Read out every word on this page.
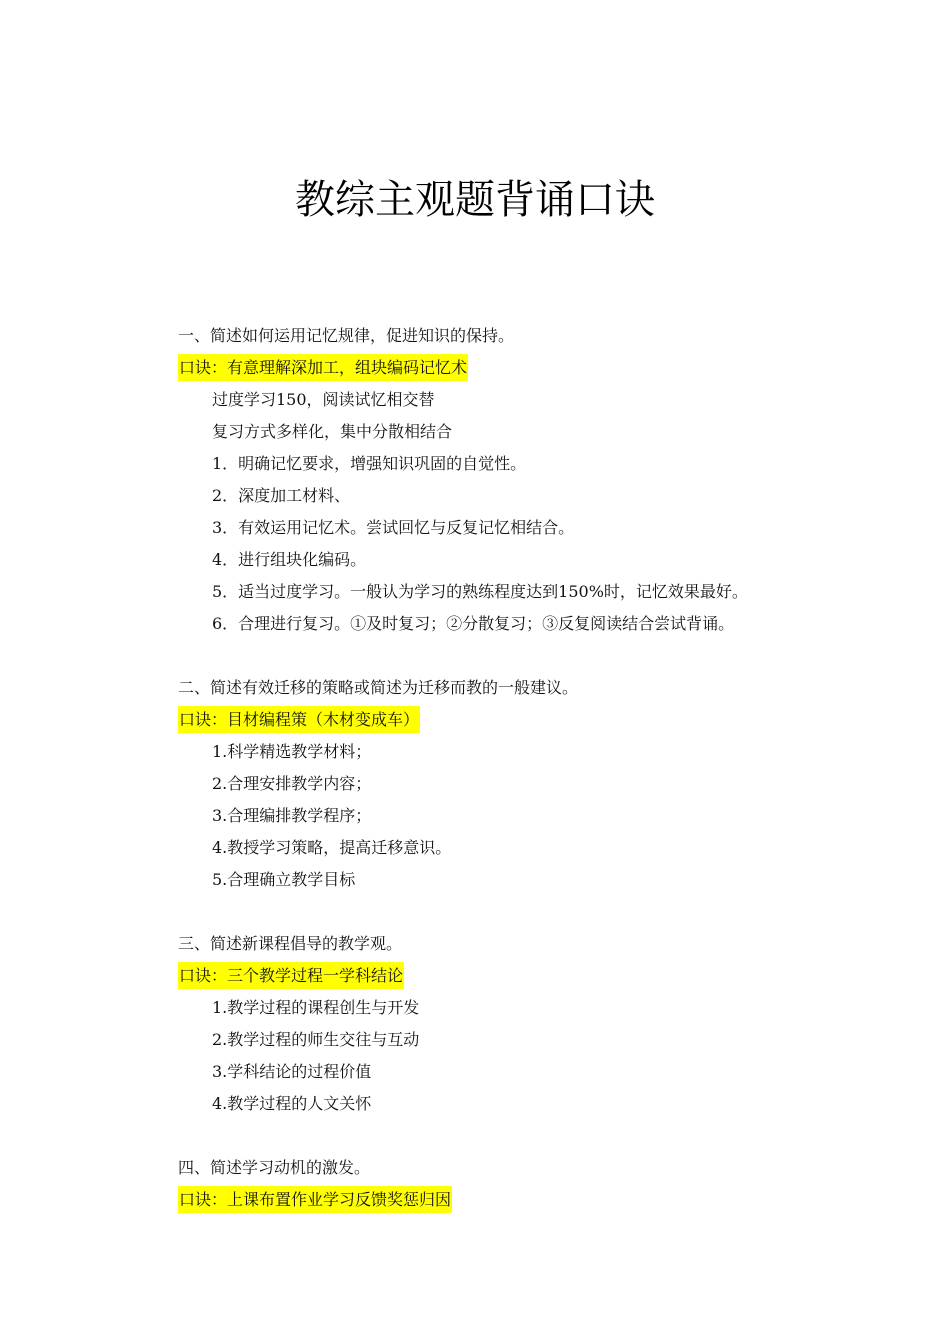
教综主观题背诵口诀
一、简述如何运用记忆规律，促进知识的保持。
口诀：有意理解深加工，组块编码记忆术
过度学习150，阅读试忆相交替
复习方式多样化，集中分散相结合
1．明确记忆要求，增强知识巩固的自觉性。
2．深度加工材料、
3．有效运用记忆术。尝试回忆与反复记忆相结合。
4．进行组块化编码。
5．适当过度学习。一般认为学习的熟练程度达到150%时，记忆效果最好。
6．合理进行复习。①及时复习；②分散复习；③反复阅读结合尝试背诵。
二、简述有效迁移的策略或简述为迁移而教的一般建议。
口诀：目材编程策（木材变成车）
1.科学精选教学材料；
2.合理安排教学内容；
3.合理编排教学程序；
4.教授学习策略，提高迁移意识。
5.合理确立教学目标
三、简述新课程倡导的教学观。
口诀：三个教学过程一学科结论
1.教学过程的课程创生与开发
2.教学过程的师生交往与互动
3.学科结论的过程价值
4.教学过程的人文关怀
四、简述学习动机的激发。
口诀：上课布置作业学习反馈奖惩归因
